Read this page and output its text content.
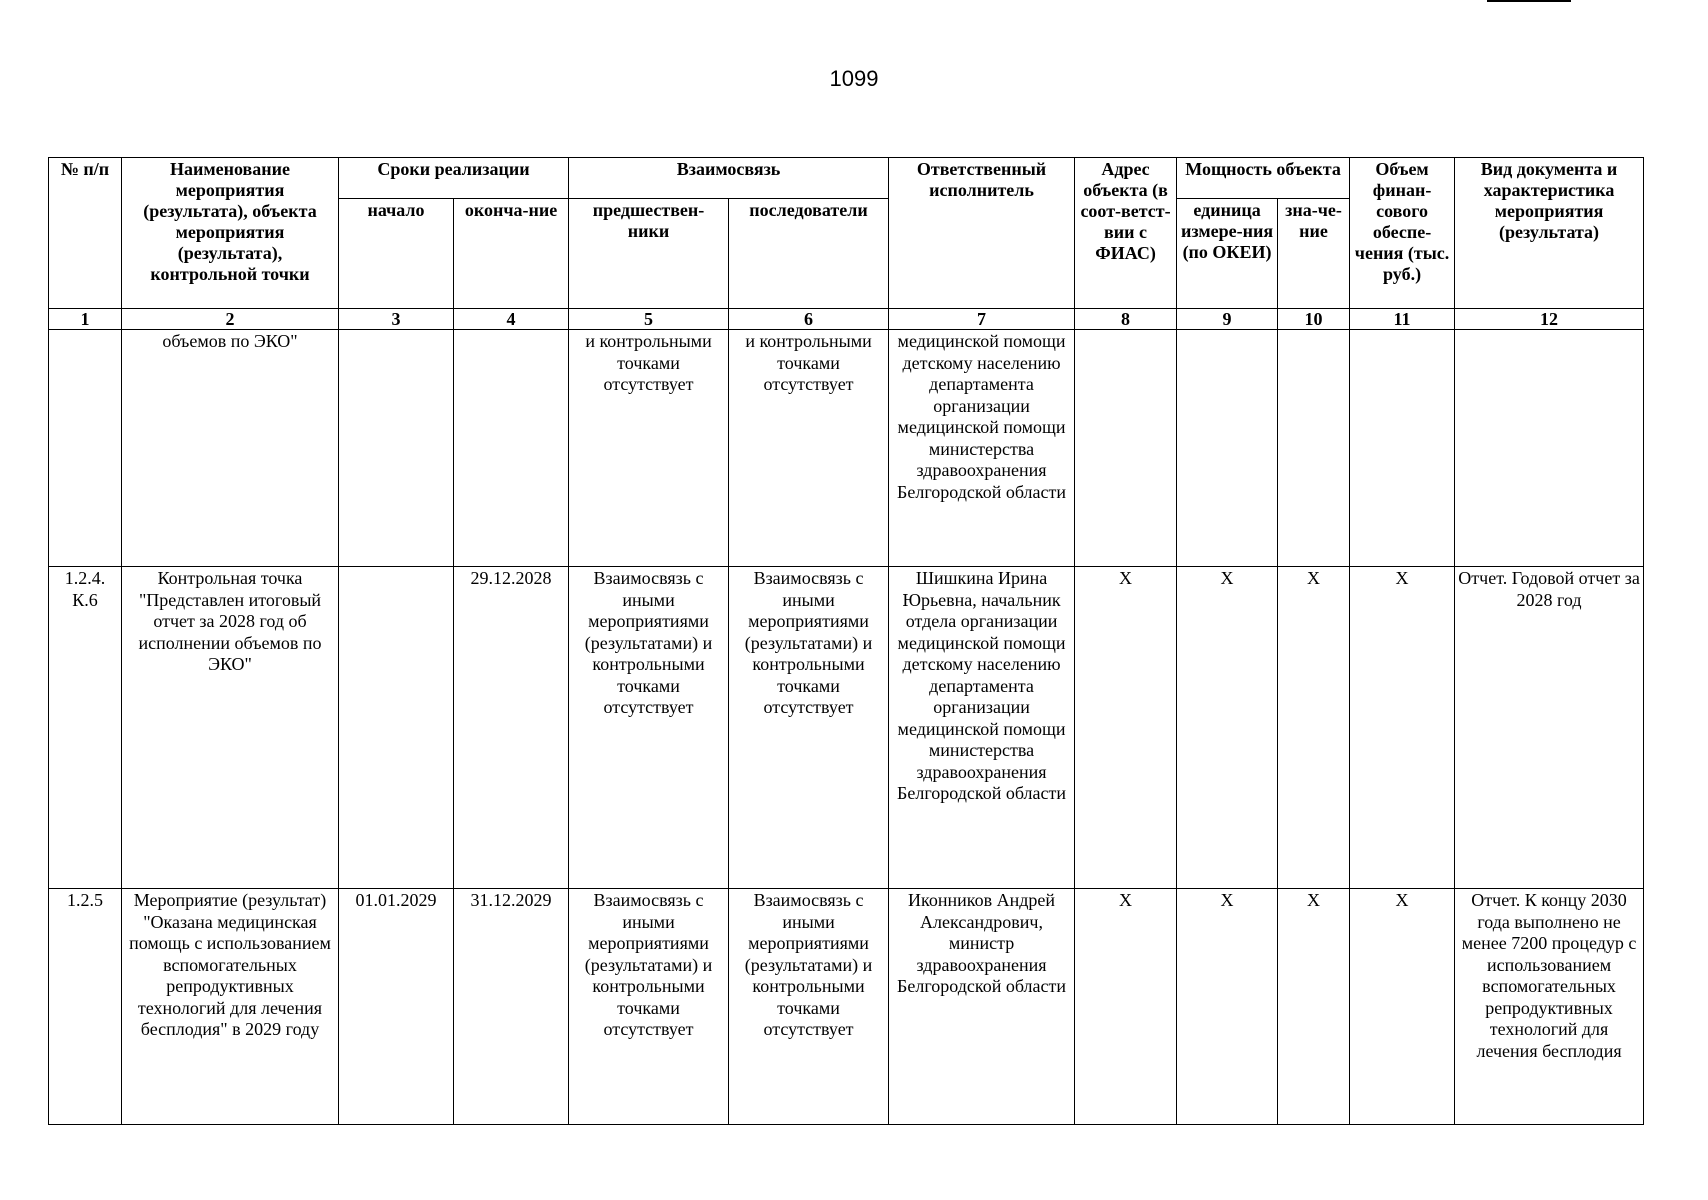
1099
№ п/п	Наименование мероприятия (результата), объекта мероприятия (результата), контрольной точки	Сроки реализации		Взаимосвязь		Ответственный исполнитель	Адрес объекта (в соот-ветст-вии с ФИАС)	Мощность объекта		Объем финан-сового обеспе-чения (тыс. руб.)	Вид документа и характеристика мероприятия (результата)
		начало	оконча-ние	предшествен-ники	последователи			единица измере-ния (по ОКЕИ)	зна-че-ние		
1	2	3	4	5	6	7	8	9	10	11	12
	объемов по ЭКО"			и контрольными точками отсутствует	и контрольными точками отсутствует	медицинской помощи детскому населению департамента организации медицинской помощи министерства здравоохранения Белгородской области					
1.2.4. К.6	Контрольная точка "Представлен итоговый отчет за 2028 год об исполнении объемов по ЭКО"		29.12.2028	Взаимосвязь с иными мероприятиями (результатами) и контрольными точками отсутствует	Взаимосвязь с иными мероприятиями (результатами) и контрольными точками отсутствует	Шишкина Ирина Юрьевна, начальник отдела организации медицинской помощи детскому населению департамента организации медицинской помощи министерства здравоохранения Белгородской области	X	X	X	X	Отчет. Годовой отчет за 2028 год
1.2.5	Мероприятие (результат) "Оказана медицинская помощь с использованием вспомогательных репродуктивных технологий для лечения бесплодия" в 2029 году	01.01.2029	31.12.2029	Взаимосвязь с иными мероприятиями (результатами) и контрольными точками отсутствует	Взаимосвязь с иными мероприятиями (результатами) и контрольными точками отсутствует	Иконников Андрей Александрович, министр здравоохранения Белгородской области	X	X	X	X	Отчет. К концу 2030 года выполнено не менее 7200 процедур с использованием вспомогательных репродуктивных технологий для лечения бесплодия
